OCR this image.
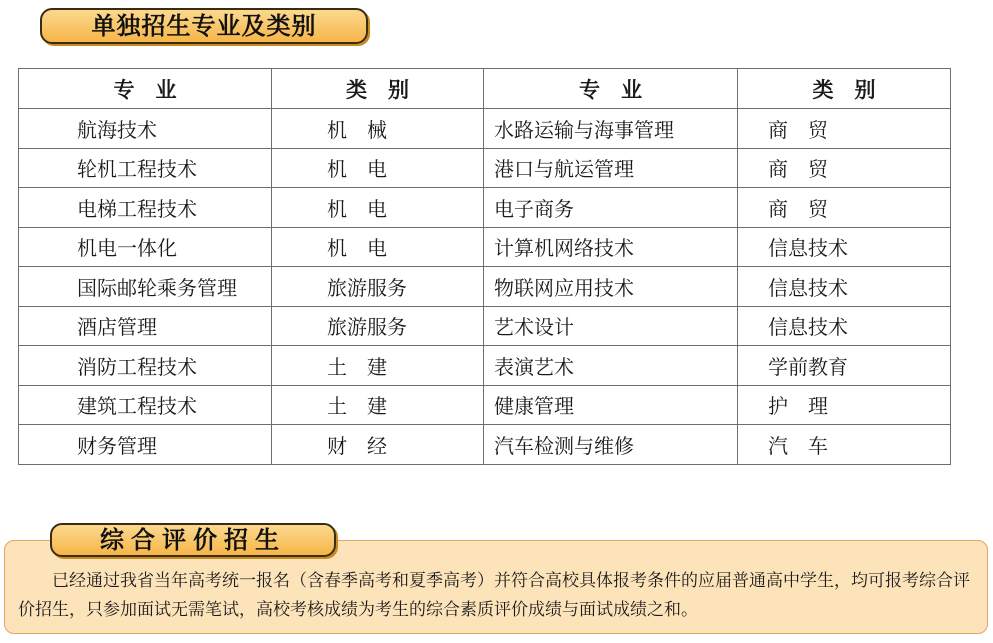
单独招生专业及类别
专　业	类　别	专　业	类　别
航海技术	机　械	水路运输与海事管理	商　贸
轮机工程技术	机　电	港口与航运管理	商　贸
电梯工程技术	机　电	电子商务	商　贸
机电一体化	机　电	计算机网络技术	信息技术
国际邮轮乘务管理	旅游服务	物联网应用技术	信息技术
酒店管理	旅游服务	艺术设计	信息技术
消防工程技术	土　建	表演艺术	学前教育
建筑工程技术	土　建	健康管理	护　理
财务管理	财　经	汽车检测与维修	汽　车
综合评价招生

已经通过我省当年高考统一报名（含春季高考和夏季高考）并符合高校具体报考条件的应届普通高中学生，均可报考综合评价招生，只参加面试无需笔试，高校考核成绩为考生的综合素质评价成绩与面试成绩之和。
